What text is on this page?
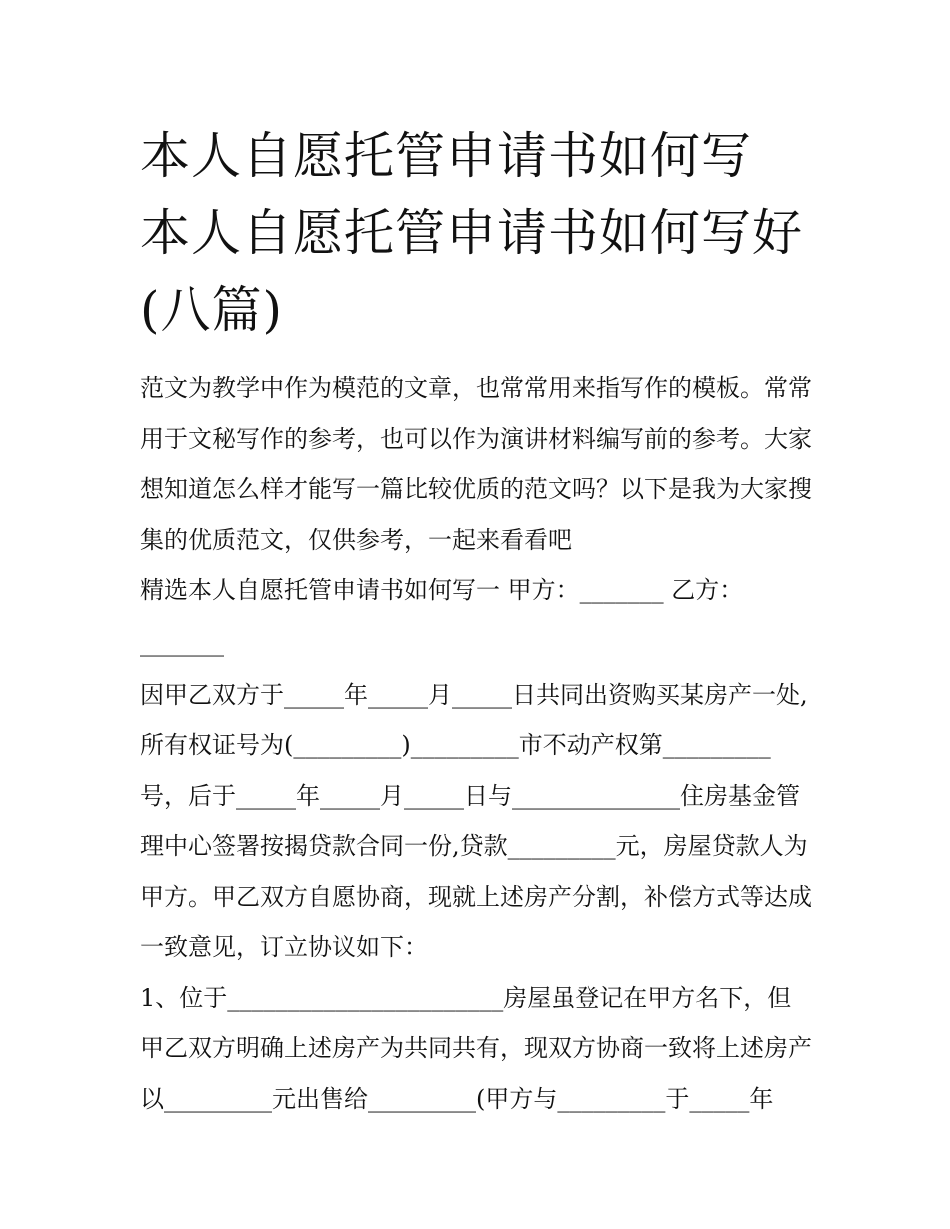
本人自愿托管申请书如何写 本人自愿托管申请书如何写好(八篇)

范文为教学中作为模范的文章，也常常用来指写作的模板。常常用于文秘写作的参考，也可以作为演讲材料编写前的参考。大家想知道怎么样才能写一篇比较优质的范文吗？以下是我为大家搜集的优质范文，仅供参考，一起来看看吧

精选本人自愿托管申请书如何写一 甲方：_______ 乙方：

_______

因甲乙双方于_____年_____月_____日共同出资购买某房产一处,所有权证号为(_________)_________市不动产权第_________号，后于_____年_____月_____日与______________住房基金管理中心签署按揭贷款合同一份,贷款_________元，房屋贷款人为甲方。甲乙双方自愿协商，现就上述房产分割，补偿方式等达成一致意见，订立协议如下：

1、位于_______________________房屋虽登记在甲方名下，但甲乙双方明确上述房产为共同共有，现双方协商一致将上述房产以_________元出售给_________(甲方与_________于_____年
